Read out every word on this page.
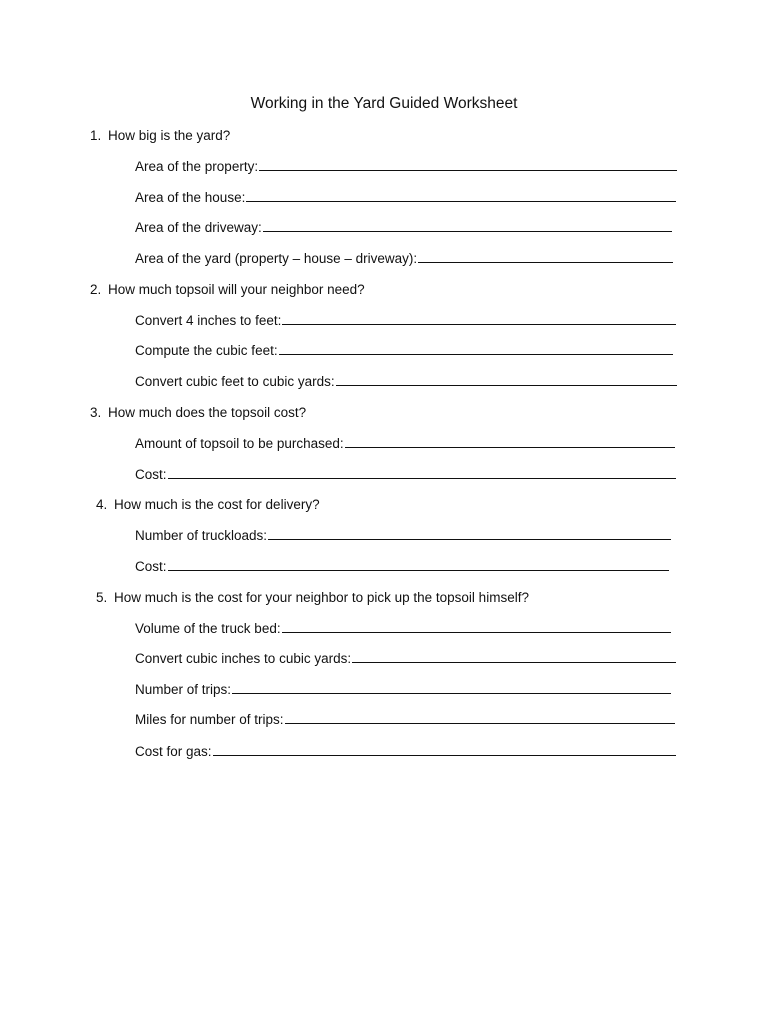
Working in the Yard Guided Worksheet
1. How big is the yard?
Area of the property:
Area of the house:
Area of the driveway:
Area of the yard (property – house – driveway):
2. How much topsoil will your neighbor need?
Convert 4 inches to feet:
Compute the cubic feet:
Convert cubic feet to cubic yards:
3. How much does the topsoil cost?
Amount of topsoil to be purchased:
Cost:
4. How much is the cost for delivery?
Number of truckloads:
Cost:
5. How much is the cost for your neighbor to pick up the topsoil himself?
Volume of the truck bed:
Convert cubic inches to cubic yards:
Number of trips:
Miles for number of trips:
Cost for gas:
